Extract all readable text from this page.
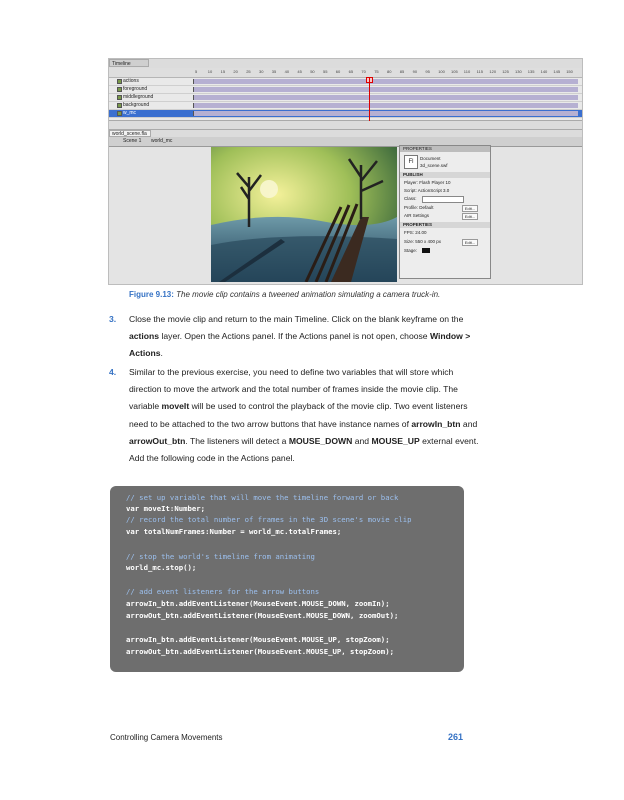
Timeline
5	10 15 20 25 30 35 40 45 50 55 60 65 70 75 80 85 90 95 100 105 110 115 120 125 130 135 140 145 150
actions
foreground
middleground
background
w_mc
world_scene.fla
Scene 1 world_mc
PROPERTIES
Fl
Document
3d_scene.swf
PUBLISH
Player: Flash Player 10
Script: ActionScript 3.0
Class:
Profile: Default	Edit...
AIR Settings	Edit...
PROPERTIES
FPS: 24.00
Size: 550 x 400 px	Edit...
Stage:
Figure 9.13: The movie clip contains a tweened animation simulating a camera truck-in.
3. Close the movie clip and return to the main Timeline. Click on the blank keyframe on the actions layer. Open the Actions panel. If the Actions panel is not open, choose Window > Actions.

4. Similar to the previous exercise, you need to define two variables that will store which direction to move the artwork and the total number of frames inside the movie clip. The variable moveIt will be used to control the playback of the movie clip. Two event listeners need to be attached to the two arrow buttons that have instance names of arrowIn_btn and arrowOut_btn. The listeners will detect a MOUSE_DOWN and MOUSE_UP external event. Add the following code in the Actions panel.

// set up variable that will move the timeline forward or back
var moveIt:Number;
// record the total number of frames in the 3D scene's movie clip
var totalNumFrames:Number = world_mc.totalFrames;
// stop the world's timeline from animating
world_mc.stop();
// add event listeners for the arrow buttons
arrowIn_btn.addEventListener(MouseEvent.MOUSE_DOWN, zoomIn);
arrowOut_btn.addEventListener(MouseEvent.MOUSE_DOWN, zoomOut);
arrowIn_btn.addEventListener(MouseEvent.MOUSE_UP, stopZoom);
arrowOut_btn.addEventListener(MouseEvent.MOUSE_UP, stopZoom);
Controlling Camera Movements	261
